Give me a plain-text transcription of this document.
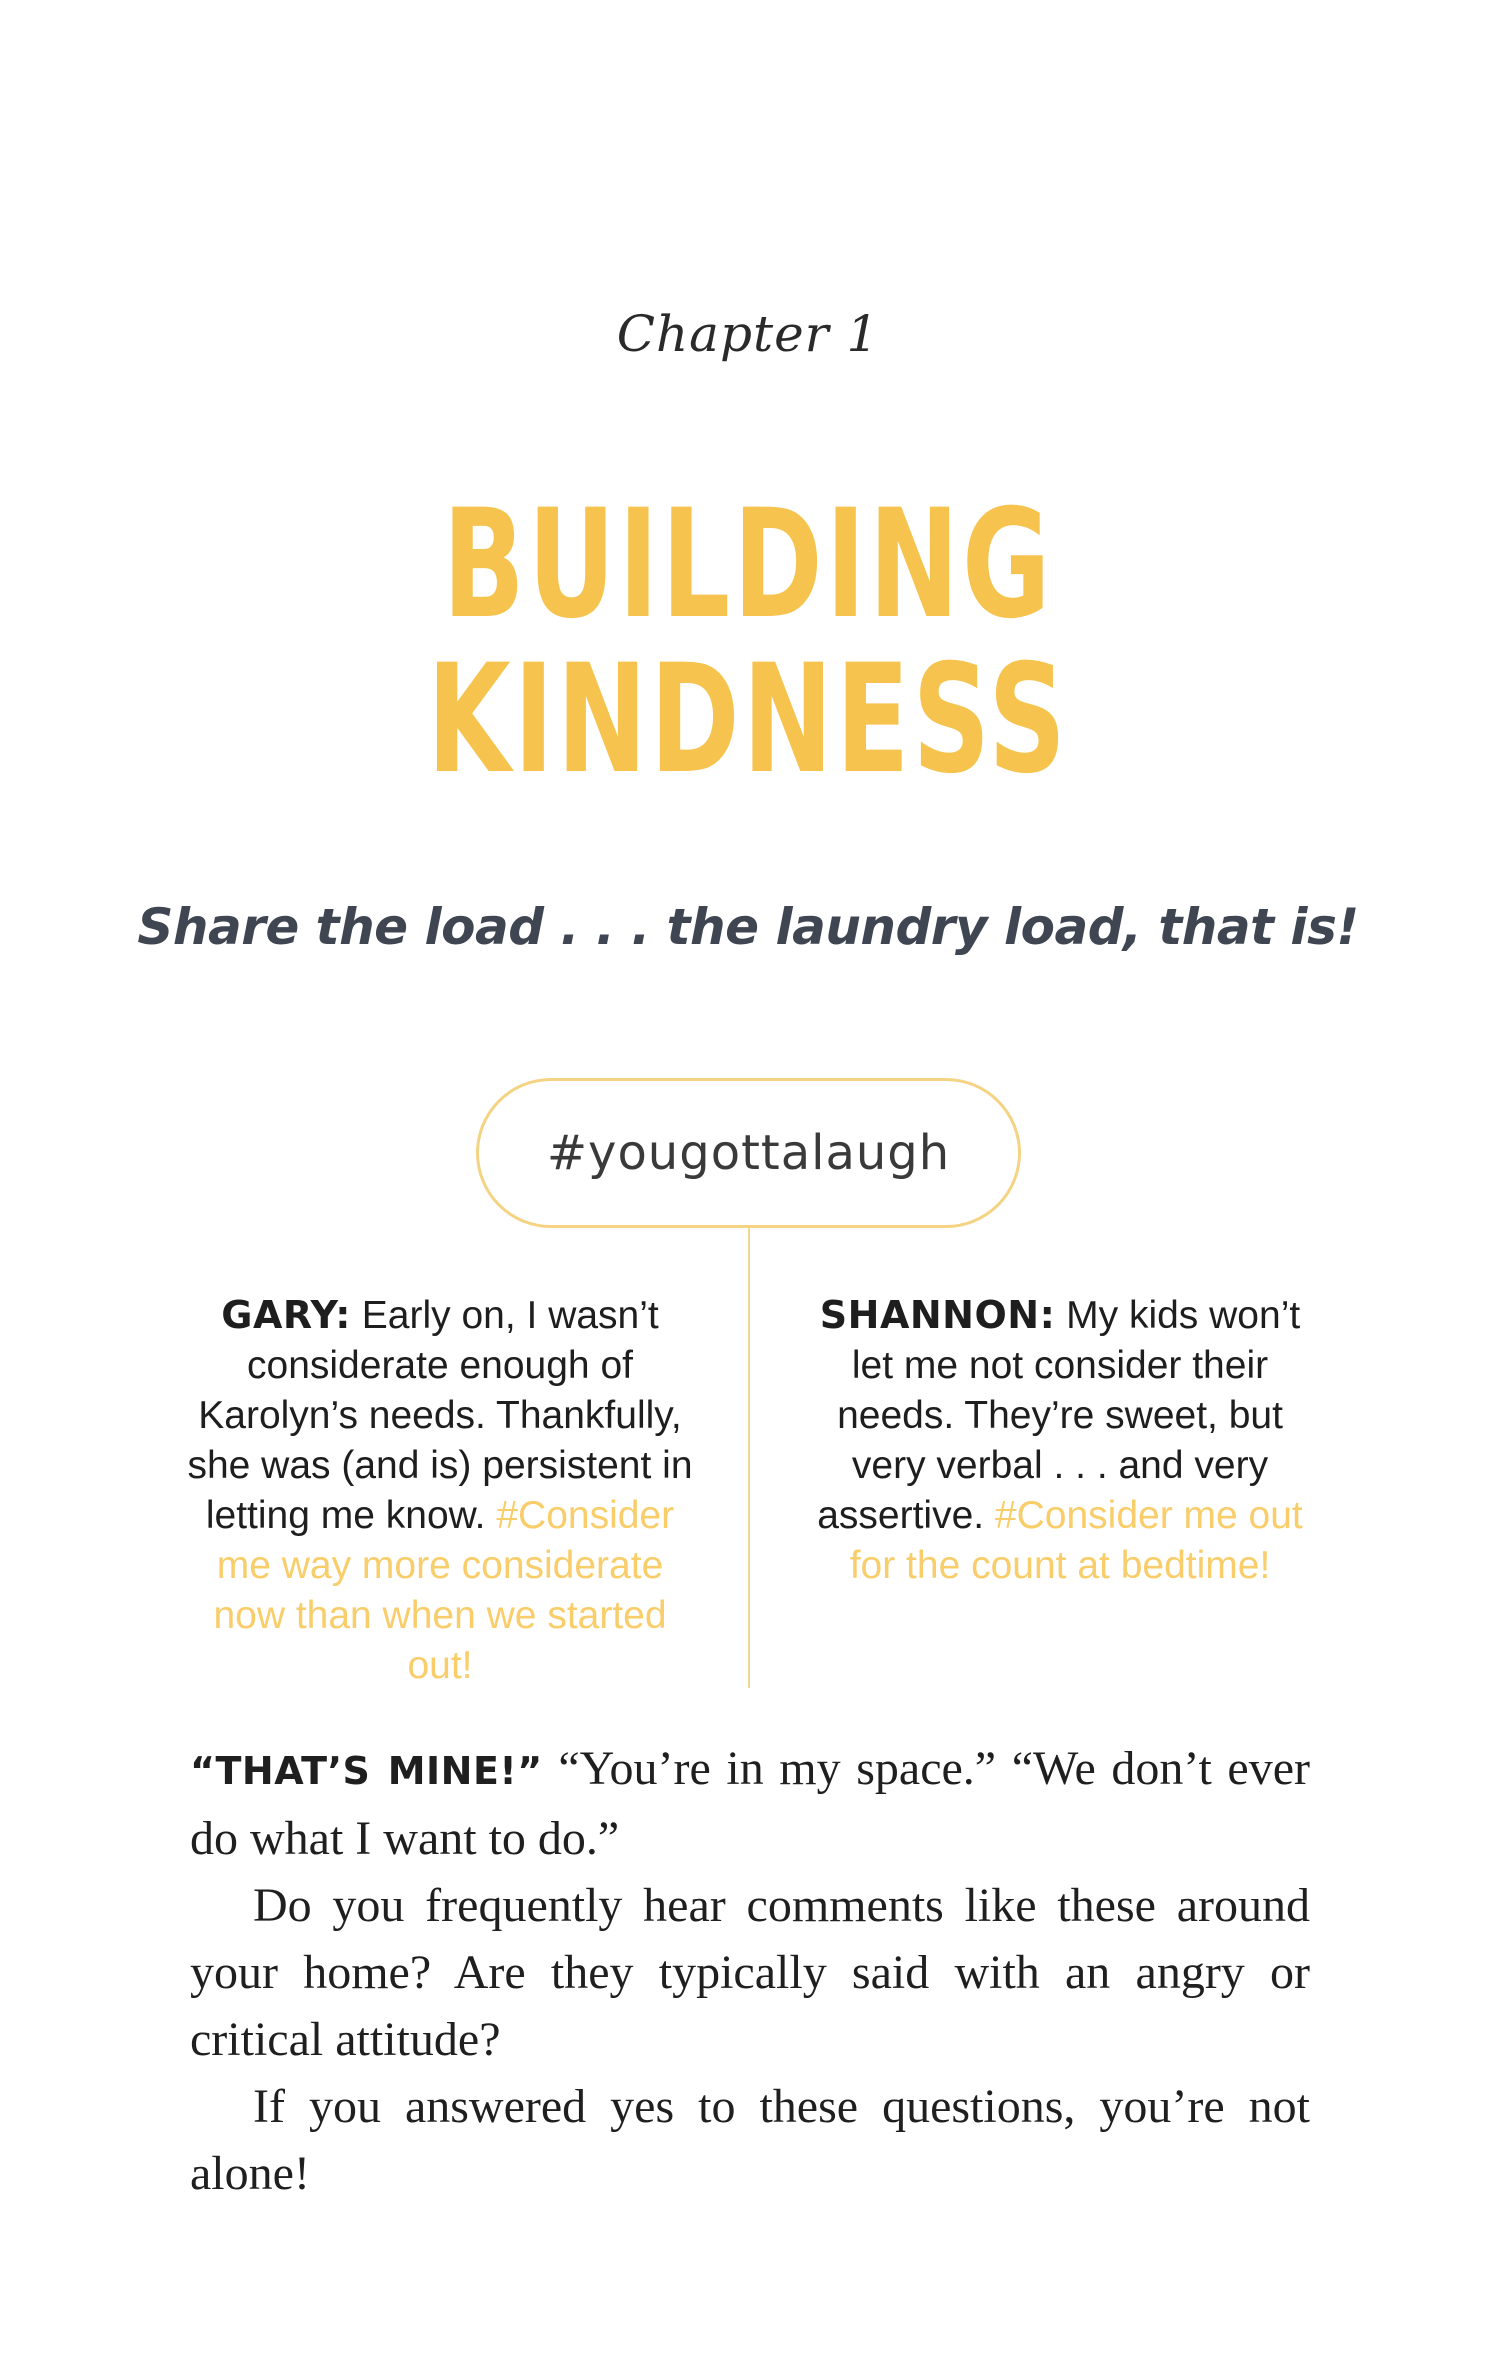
Chapter 1
BUILDING
KINDNESS
Share the load . . . the laundry load, that is!
#yougottalaugh
GARY: Early on, I wasn’t considerate enough of Karolyn’s needs. Thankfully, she was (and is) persistent in letting me know. #Consider me way more considerate now than when we started out!
SHANNON: My kids won’t let me not consider their needs. They’re sweet, but very verbal . . . and very assertive. #Consider me out for the count at bedtime!

“THAT’S MINE!” “You’re in my space.” “We don’t ever do what I want to do.”

Do you frequently hear comments like these around your home? Are they typically said with an angry or critical attitude?

If you answered yes to these questions, you’re not alone!
